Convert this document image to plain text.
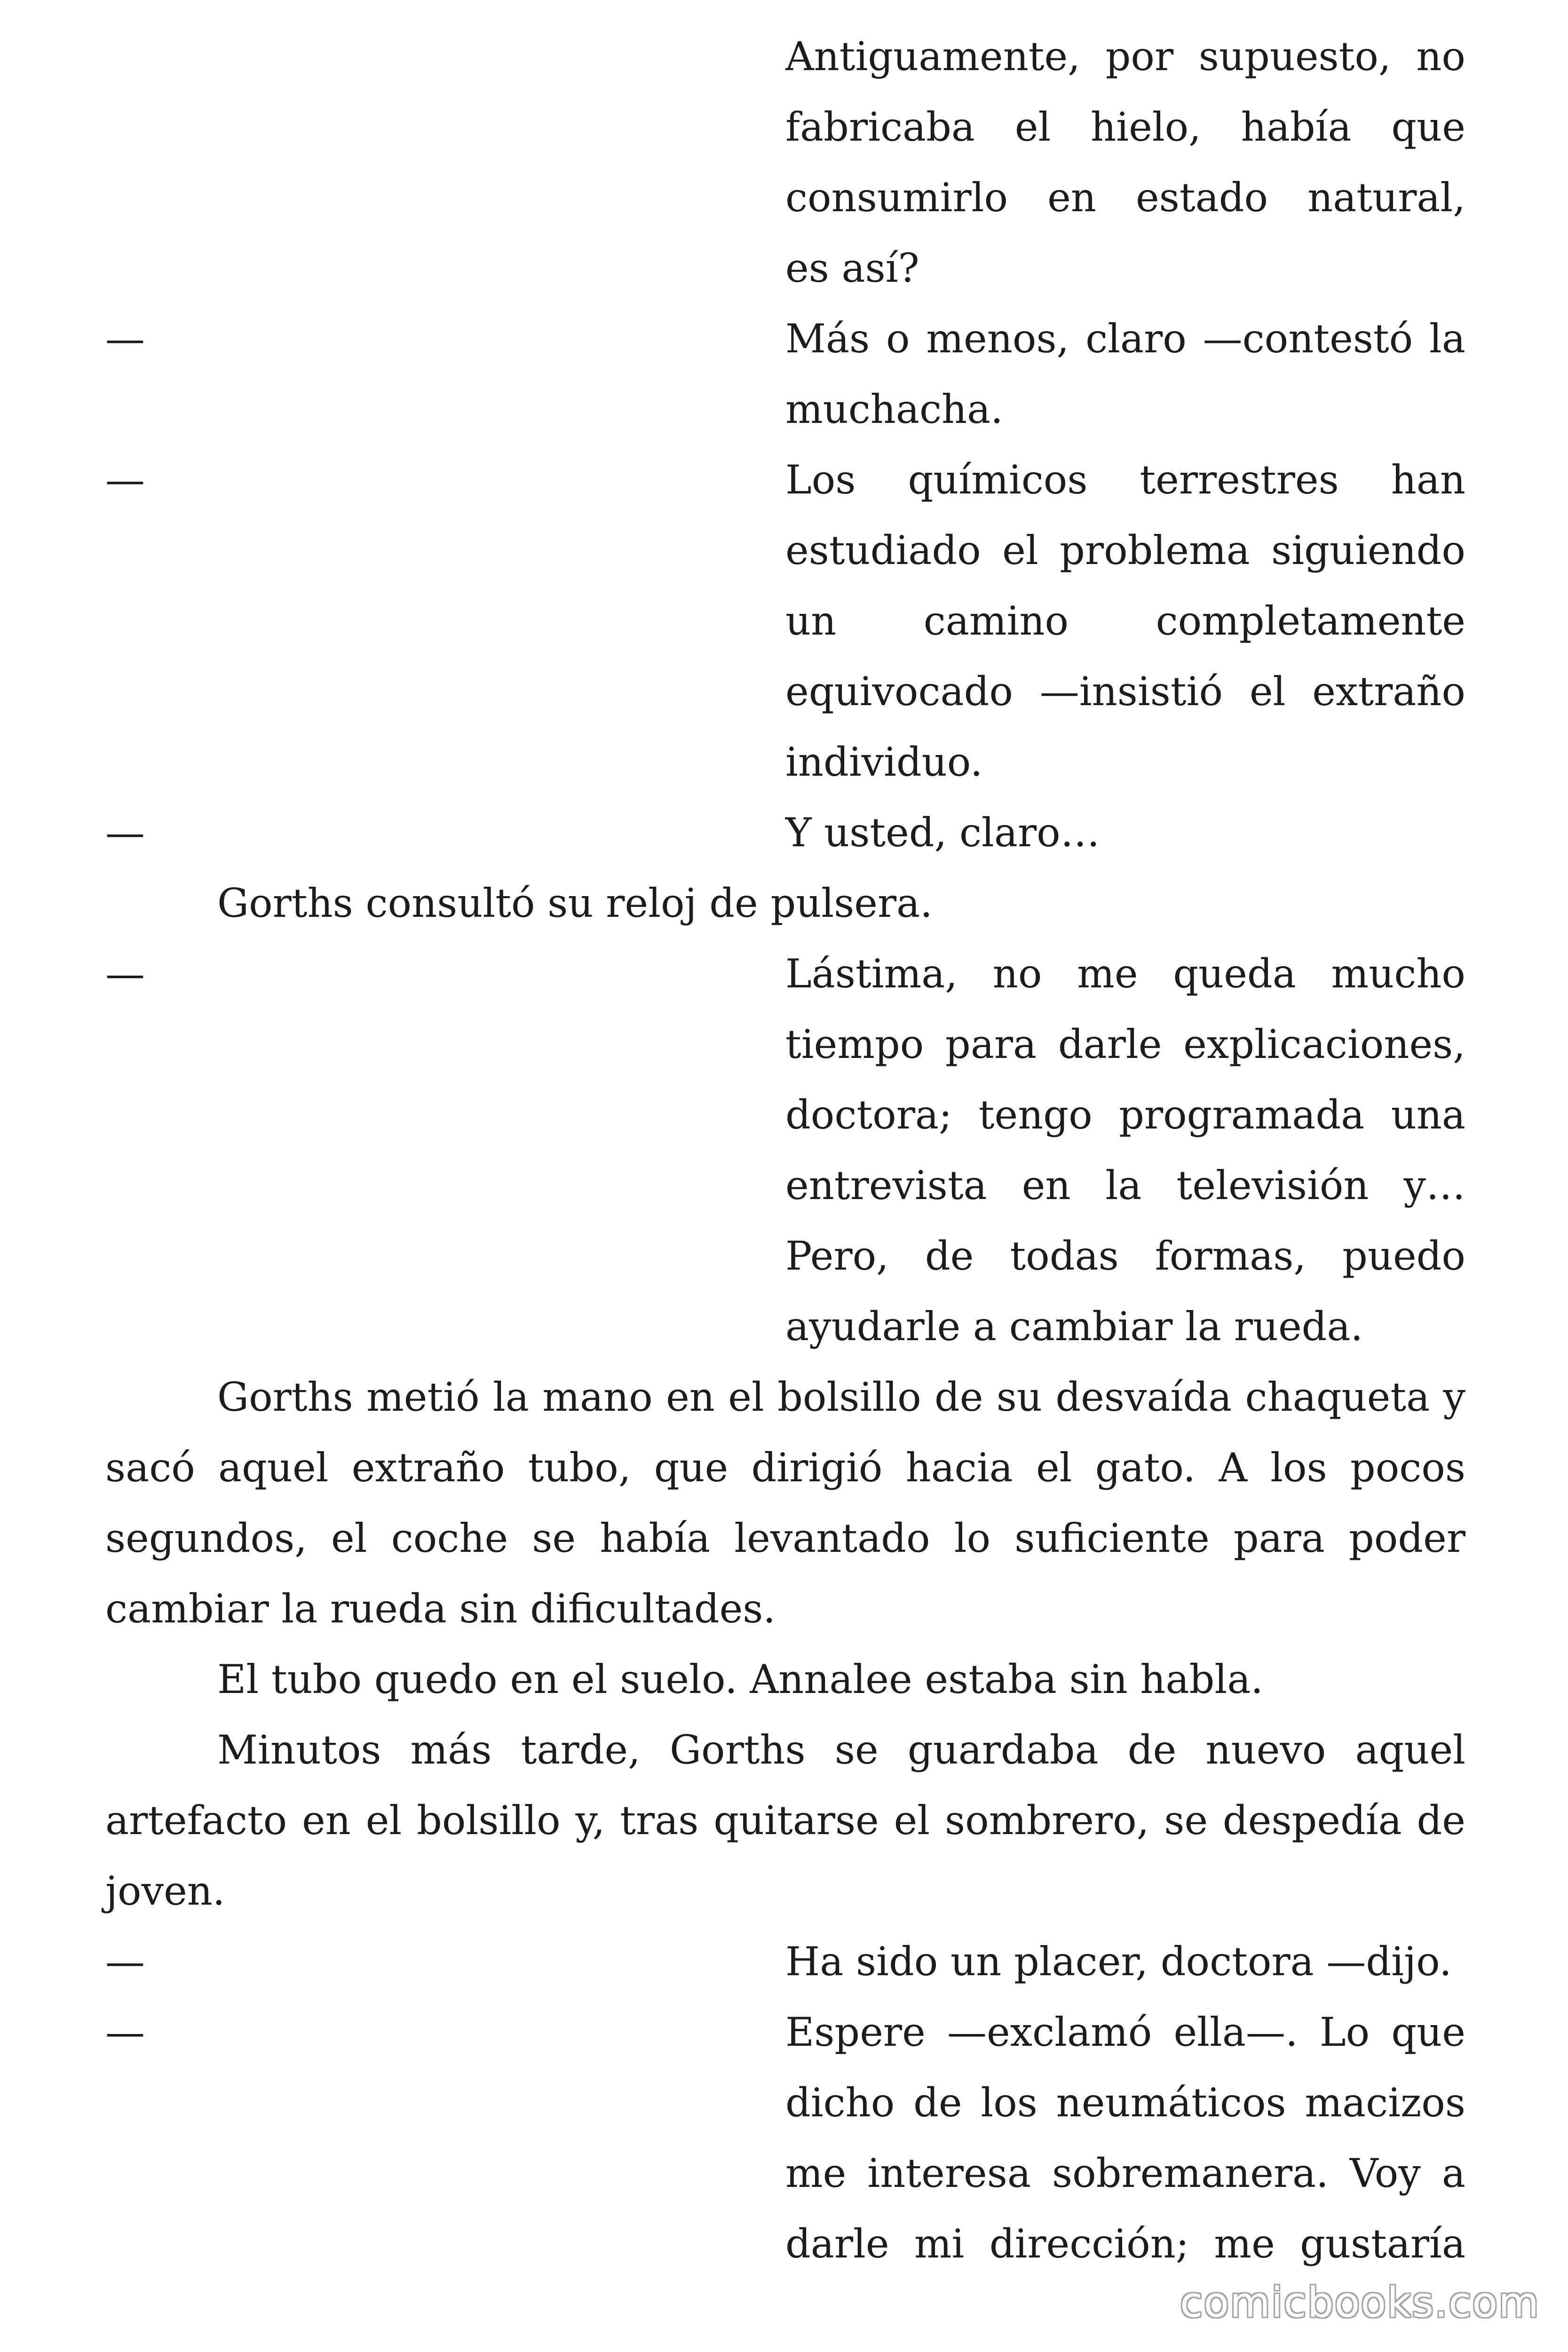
Antiguamente, por supuesto, no
fabricaba el hielo, había que
consumirlo en estado natural,
es así?
—	Más o menos, claro —contestó la
muchacha.
—	Los químicos terrestres han
estudiado el problema siguiendo
un camino completamente
equivocado —insistió el extraño
individuo.
—	Y usted, claro…
Gorths consultó su reloj de pulsera.
—	Lástima, no me queda mucho
tiempo para darle explicaciones,
doctora; tengo programada una
entrevista en la televisión y…
Pero, de todas formas, puedo
ayudarle a cambiar la rueda.
Gorths metió la mano en el bolsillo de su desvaída chaqueta y
sacó aquel extraño tubo, que dirigió hacia el gato. A los pocos
segundos, el coche se había levantado lo suficiente para poder
cambiar la rueda sin dificultades.
El tubo quedo en el suelo. Annalee estaba sin habla.
Minutos más tarde, Gorths se guardaba de nuevo aquel
artefacto en el bolsillo y, tras quitarse el sombrero, se despedía de
joven.
—	Ha sido un placer, doctora —dijo.
—	Espere —exclamó ella—. Lo que
dicho de los neumáticos macizos
me interesa sobremanera. Voy a
darle mi dirección; me gustaría
comicbooks.com
